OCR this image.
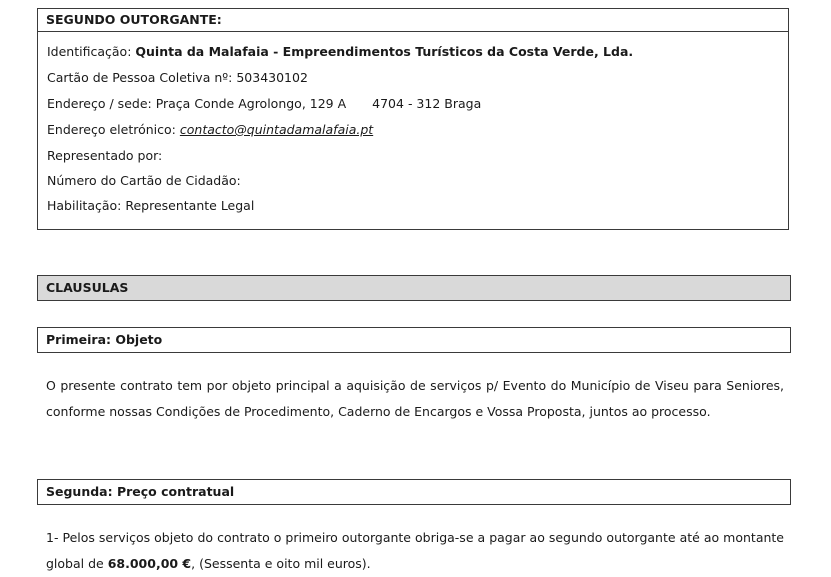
SEGUNDO OUTORGANTE:
Identificação: Quinta da Malafaia - Empreendimentos Turísticos da Costa Verde, Lda.
Cartão de Pessoa Coletiva nº: 503430102
Endereço / sede: Praça Conde Agrolongo, 129 A 4704 - 312 Braga
Endereço eletrónico: contacto@quintadamalafaia.pt
Representado por:
Número do Cartão de Cidadão:
Habilitação: Representante Legal
CLAUSULAS
Primeira: Objeto
O presente contrato tem por objeto principal a aquisição de serviços p/ Evento do Município de Viseu para Seniores, conforme nossas Condições de Procedimento, Caderno de Encargos e Vossa Proposta, juntos ao processo.
Segunda: Preço contratual
1- Pelos serviços objeto do contrato o primeiro outorgante obriga-se a pagar ao segundo outorgante até ao montante global de 68.000,00 €, (Sessenta e oito mil euros).
